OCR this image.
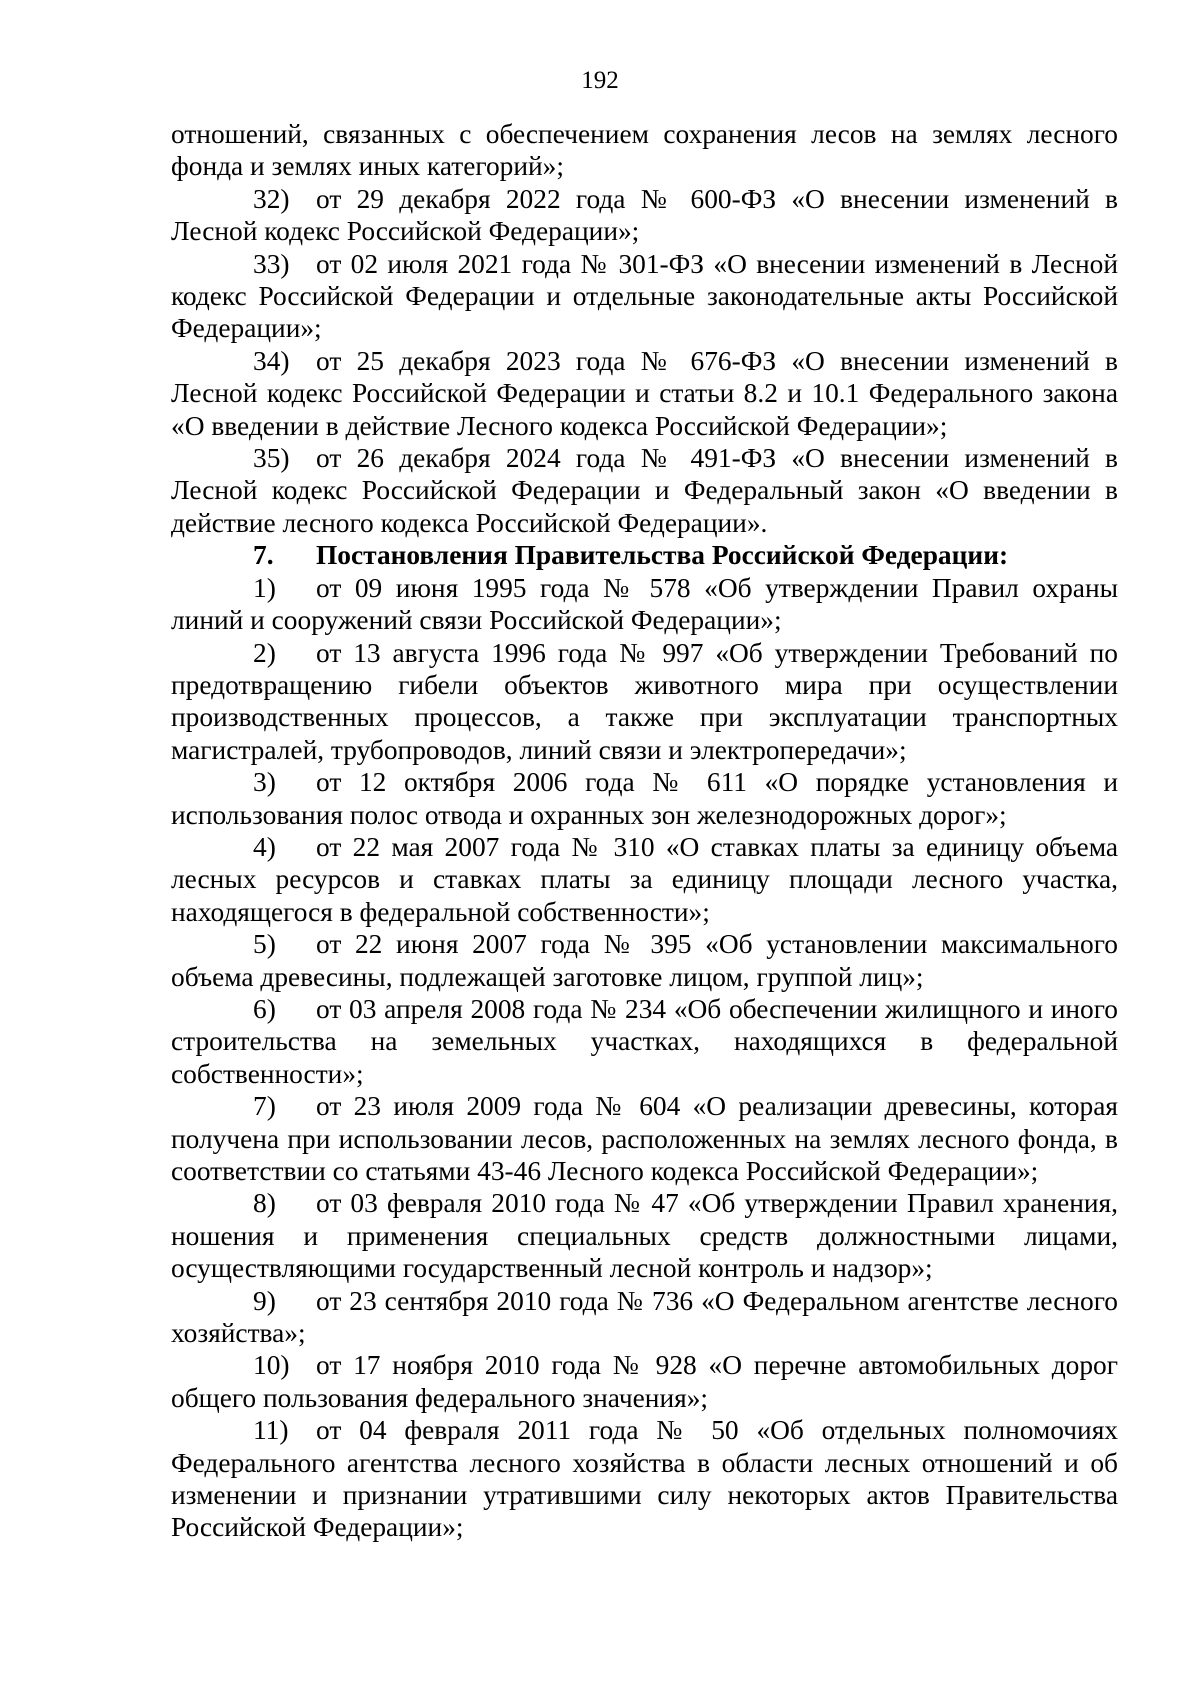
192

отношений, связанных с обеспечением сохранения лесов на землях лесного фонда и землях иных категорий»;

32) от 29 декабря 2022 года № 600-ФЗ «О внесении изменений в Лесной кодекс Российской Федерации»;

33) от 02 июля 2021 года № 301-ФЗ «О внесении изменений в Лесной кодекс Российской Федерации и отдельные законодательные акты Российской Федерации»;

34) от 25 декабря 2023 года № 676-ФЗ «О внесении изменений в Лесной кодекс Российской Федерации и статьи 8.2 и 10.1 Федерального закона «О введении в действие Лесного кодекса Российской Федерации»;

35) от 26 декабря 2024 года № 491-ФЗ «О внесении изменений в Лесной кодекс Российской Федерации и Федеральный закон «О введении в действие лесного кодекса Российской Федерации».

7. Постановления Правительства Российской Федерации:

1) от 09 июня 1995 года № 578 «Об утверждении Правил охраны линий и сооружений связи Российской Федерации»;

2) от 13 августа 1996 года № 997 «Об утверждении Требований по предотвращению гибели объектов животного мира при осуществлении производственных процессов, а также при эксплуатации транспортных магистралей, трубопроводов, линий связи и электропередачи»;

3) от 12 октября 2006 года № 611 «О порядке установления и использования полос отвода и охранных зон железнодорожных дорог»;

4) от 22 мая 2007 года № 310 «О ставках платы за единицу объема лесных ресурсов и ставках платы за единицу площади лесного участка, находящегося в федеральной собственности»;

5) от 22 июня 2007 года № 395 «Об установлении максимального объема древесины, подлежащей заготовке лицом, группой лиц»;

6) от 03 апреля 2008 года № 234 «Об обеспечении жилищного и иного строительства на земельных участках, находящихся в федеральной собственности»;

7) от 23 июля 2009 года № 604 «О реализации древесины, которая получена при использовании лесов, расположенных на землях лесного фонда, в соответствии со статьями 43-46 Лесного кодекса Российской Федерации»;

8) от 03 февраля 2010 года № 47 «Об утверждении Правил хранения, ношения и применения специальных средств должностными лицами, осуществляющими государственный лесной контроль и надзор»;

9) от 23 сентября 2010 года № 736 «О Федеральном агентстве лесного хозяйства»;

10) от 17 ноября 2010 года № 928 «О перечне автомобильных дорог общего пользования федерального значения»;

11) от 04 февраля 2011 года № 50 «Об отдельных полномочиях Федерального агентства лесного хозяйства в области лесных отношений и об изменении и признании утратившими силу некоторых актов Правительства Российской Федерации»;
